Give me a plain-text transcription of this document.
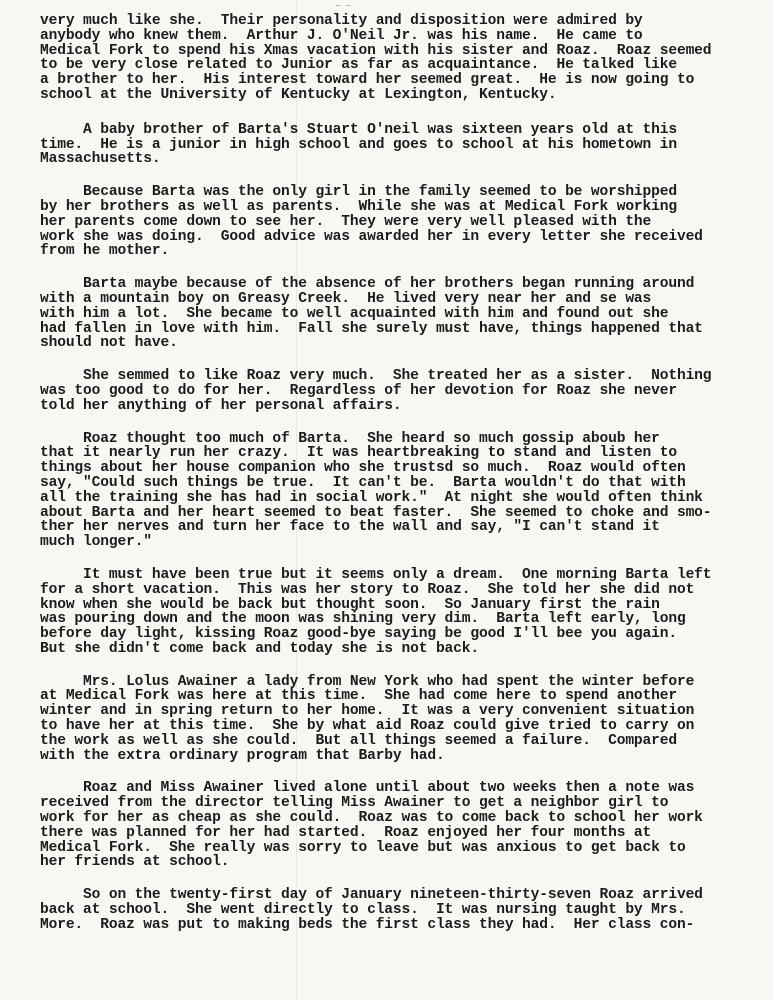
— —
very much like she.  Their personality and disposition were admired by
anybody who knew them.  Arthur J. O'Neil Jr. was his name.  He came to
Medical Fork to spend his Xmas vacation with his sister and Roaz.  Roaz seemed
to be very close related to Junior as far as acquaintance.  He talked like
a brother to her.  His interest toward her seemed great.  He is now going to
school at the University of Kentucky at Lexington, Kentucky.
A baby brother of Barta's Stuart O'neil was sixteen years old at this
time.  He is a junior in high school and goes to school at his hometown in
Massachusetts.
Because Barta was the only girl in the family seemed to be worshipped
by her brothers as well as parents.  While she was at Medical Fork working
her parents come down to see her.  They were very well pleased with the
work she was doing.  Good advice was awarded her in every letter she received
from he mother.
Barta maybe because of the absence of her brothers began running around
with a mountain boy on Greasy Creek.  He lived very near her and se was
with him a lot.  She became to well acquainted with him and found out she
had fallen in love with him.  Fall she surely must have, things happened that
should not have.
She semmed to like Roaz very much.  She treated her as a sister.  Nothing
was too good to do for her.  Regardless of her devotion for Roaz she never
told her anything of her personal affairs.
Roaz thought too much of Barta.  She heard so much gossip aboub her
that it nearly run her crazy.  It was heartbreaking to stand and listen to
things about her house companion who she trustsd so much.  Roaz would often
say, "Could such things be true.  It can't be.  Barta wouldn't do that with
all the training she has had in social work."  At night she would often think
about Barta and her heart seemed to beat faster.  She seemed to choke and smo-
ther her nerves and turn her face to the wall and say, "I can't stand it
much longer."
It must have been true but it seems only a dream.  One morning Barta left
for a short vacation.  This was her story to Roaz.  She told her she did not
know when she would be back but thought soon.  So January first the rain
was pouring down and the moon was shining very dim.  Barta left early, long
before day light, kissing Roaz good-bye saying be good I'll bee you again.
But she didn't come back and today she is not back.
Mrs. Lolus Awainer a lady from New York who had spent the winter before
at Medical Fork was here at this time.  She had come here to spend another
winter and in spring return to her home.  It was a very convenient situation
to have her at this time.  She by what aid Roaz could give tried to carry on
the work as well as she could.  But all things seemed a failure.  Compared
with the extra ordinary program that Barby had.
Roaz and Miss Awainer lived alone until about two weeks then a note was
received from the director telling Miss Awainer to get a neighbor girl to
work for her as cheap as she could.  Roaz was to come back to school her work
there was planned for her had started.  Roaz enjoyed her four months at
Medical Fork.  She really was sorry to leave but was anxious to get back to
her friends at school.
So on the twenty-first day of January nineteen-thirty-seven Roaz arrived
back at school.  She went directly to class.  It was nursing taught by Mrs.
More.  Roaz was put to making beds the first class they had.  Her class con-
